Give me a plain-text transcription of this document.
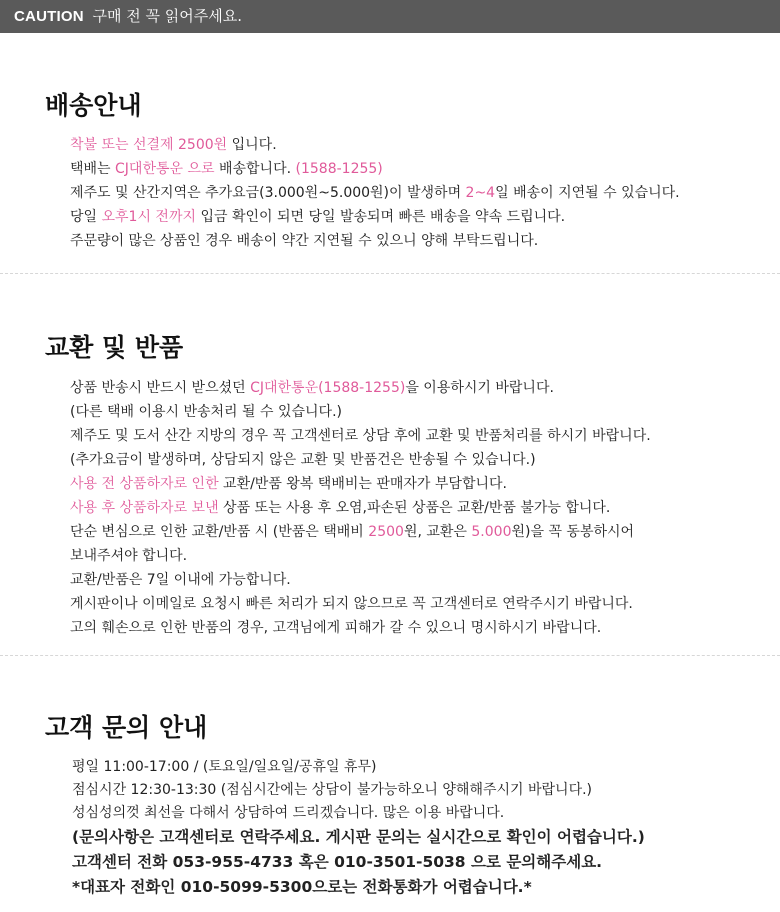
CAUTION 구매 전 꼭 읽어주세요.
배송안내
착불 또는 선결제 2500원 입니다.
택배는 CJ대한통운 으로 배송합니다. (1588-1255)
제주도 및 산간지역은 추가요금(3.000원~5.000원)이 발생하며 2~4일 배송이 지연될 수 있습니다.
당일 오후1시 전까지 입금 확인이 되면 당일 발송되며 빠른 배송을 약속 드립니다.
주문량이 많은 상품인 경우 배송이 약간 지연될 수 있으니 양해 부탁드립니다.
교환 및 반품
상품 반송시 반드시 받으셨던 CJ대한통운(1588-1255)을 이용하시기 바랍니다.
(다른 택배 이용시 반송처리 될 수 있습니다.)
제주도 및 도서 산간 지방의 경우 꼭 고객센터로 상담 후에 교환 및 반품처리를 하시기 바랍니다.
(추가요금이 발생하며, 상담되지 않은 교환 및 반품건은 반송될 수 있습니다.)
사용 전 상품하자로 인한 교환/반품 왕복 택배비는 판매자가 부담합니다.
사용 후 상품하자로 보낸 상품 또는 사용 후 오염,파손된 상품은 교환/반품 불가능 합니다.
단순 변심으로 인한 교환/반품 시 (반품은 택배비 2500원, 교환은 5.000원)을 꼭 동봉하시어
보내주셔야 합니다.
교환/반품은 7일 이내에 가능합니다.
게시판이나 이메일로 요청시 빠른 처리가 되지 않으므로 꼭 고객센터로 연락주시기 바랍니다.
고의 훼손으로 인한 반품의 경우, 고객님에게 피해가 갈 수 있으니 명시하시기 바랍니다.
고객 문의 안내
평일 11:00-17:00 / (토요일/일요일/공휴일 휴무)
점심시간 12:30-13:30 (점심시간에는 상담이 불가능하오니 양해해주시기 바랍니다.)
성심성의껏 최선을 다해서 상담하여 드리겠습니다. 많은 이용 바랍니다.
(문의사항은 고객센터로 연락주세요. 게시판 문의는 실시간으로 확인이 어렵습니다.)
고객센터 전화 053-955-4733 혹은 010-3501-5038 으로 문의해주세요.
*대표자 전화인 010-5099-5300으로는 전화통화가 어렵습니다.*
